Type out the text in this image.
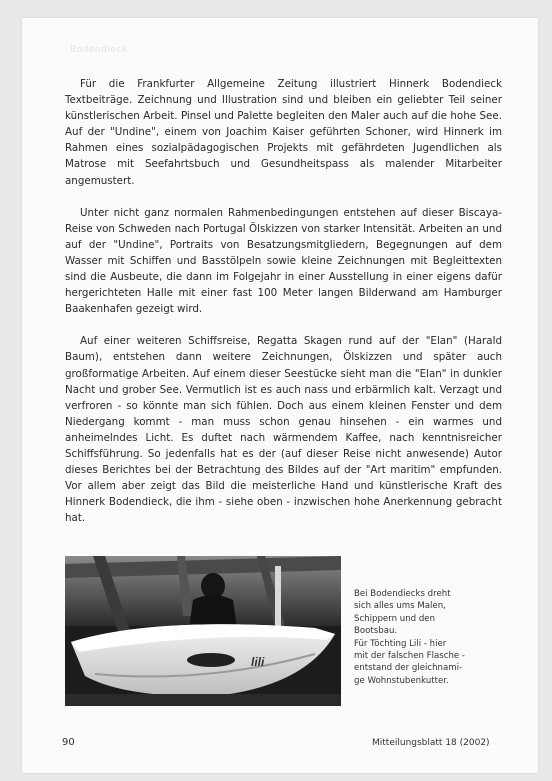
Bodendieck

Für die Frankfurter Allgemeine Zeitung illustriert Hinnerk Bodendieck Textbeiträge. Zeichnung und Illustration sind und bleiben ein geliebter Teil seiner künstlerischen Arbeit. Pinsel und Palette begleiten den Maler auch auf die hohe See. Auf der "Undine", einem von Joachim Kaiser geführten Schoner, wird Hinnerk im Rahmen eines sozialpädagogischen Projekts mit gefährdeten Jugendlichen als Matrose mit Seefahrtsbuch und Gesundheitspass als malender Mitarbeiter angemustert.

Unter nicht ganz normalen Rahmenbedingungen entstehen auf dieser Biscaya-Reise von Schweden nach Portugal Ölskizzen von starker Intensität. Arbeiten an und auf der "Undine", Portraits von Besatzungsmitgliedern, Begegnungen auf dem Wasser mit Schiffen und Basstölpeln sowie kleine Zeichnungen mit Begleittexten sind die Ausbeute, die dann im Folgejahr in einer Ausstellung in einer eigens dafür hergerichteten Halle mit einer fast 100 Meter langen Bilderwand am Hamburger Baakenhafen gezeigt wird.

Auf einer weiteren Schiffsreise, Regatta Skagen rund auf der "Elan" (Harald Baum), entstehen dann weitere Zeichnungen, Ölskizzen und später auch großformatige Arbeiten. Auf einem dieser Seestücke sieht man die "Elan" in dunkler Nacht und grober See. Vermutlich ist es auch nass und erbärmlich kalt. Verzagt und verfroren - so könnte man sich fühlen. Doch aus einem kleinen Fenster und dem Niedergang kommt - man muss schon genau hinsehen - ein warmes und anheimelndes Licht. Es duftet nach wärmendem Kaffee, nach kenntnisreicher Schiffsführung. So jedenfalls hat es der (auf dieser Reise nicht anwesende) Autor dieses Berichtes bei der Betrachtung des Bildes auf der "Art maritim" empfunden. Vor allem aber zeigt das Bild die meisterliche Hand und künstlerische Kraft des Hinnerk Bodendieck, die ihm - siehe oben - inzwischen hohe Anerkennung gebracht hat.

lili
Bei Bodendiecks dreht
sich alles ums Malen,
Schippern und den
Bootsbau.
Für Töchting Lili - hier
mit der falschen Flasche -
entstand der gleichnami-
ge Wohnstubenkutter.
90	Mitteilungsblatt 18 (2002)
